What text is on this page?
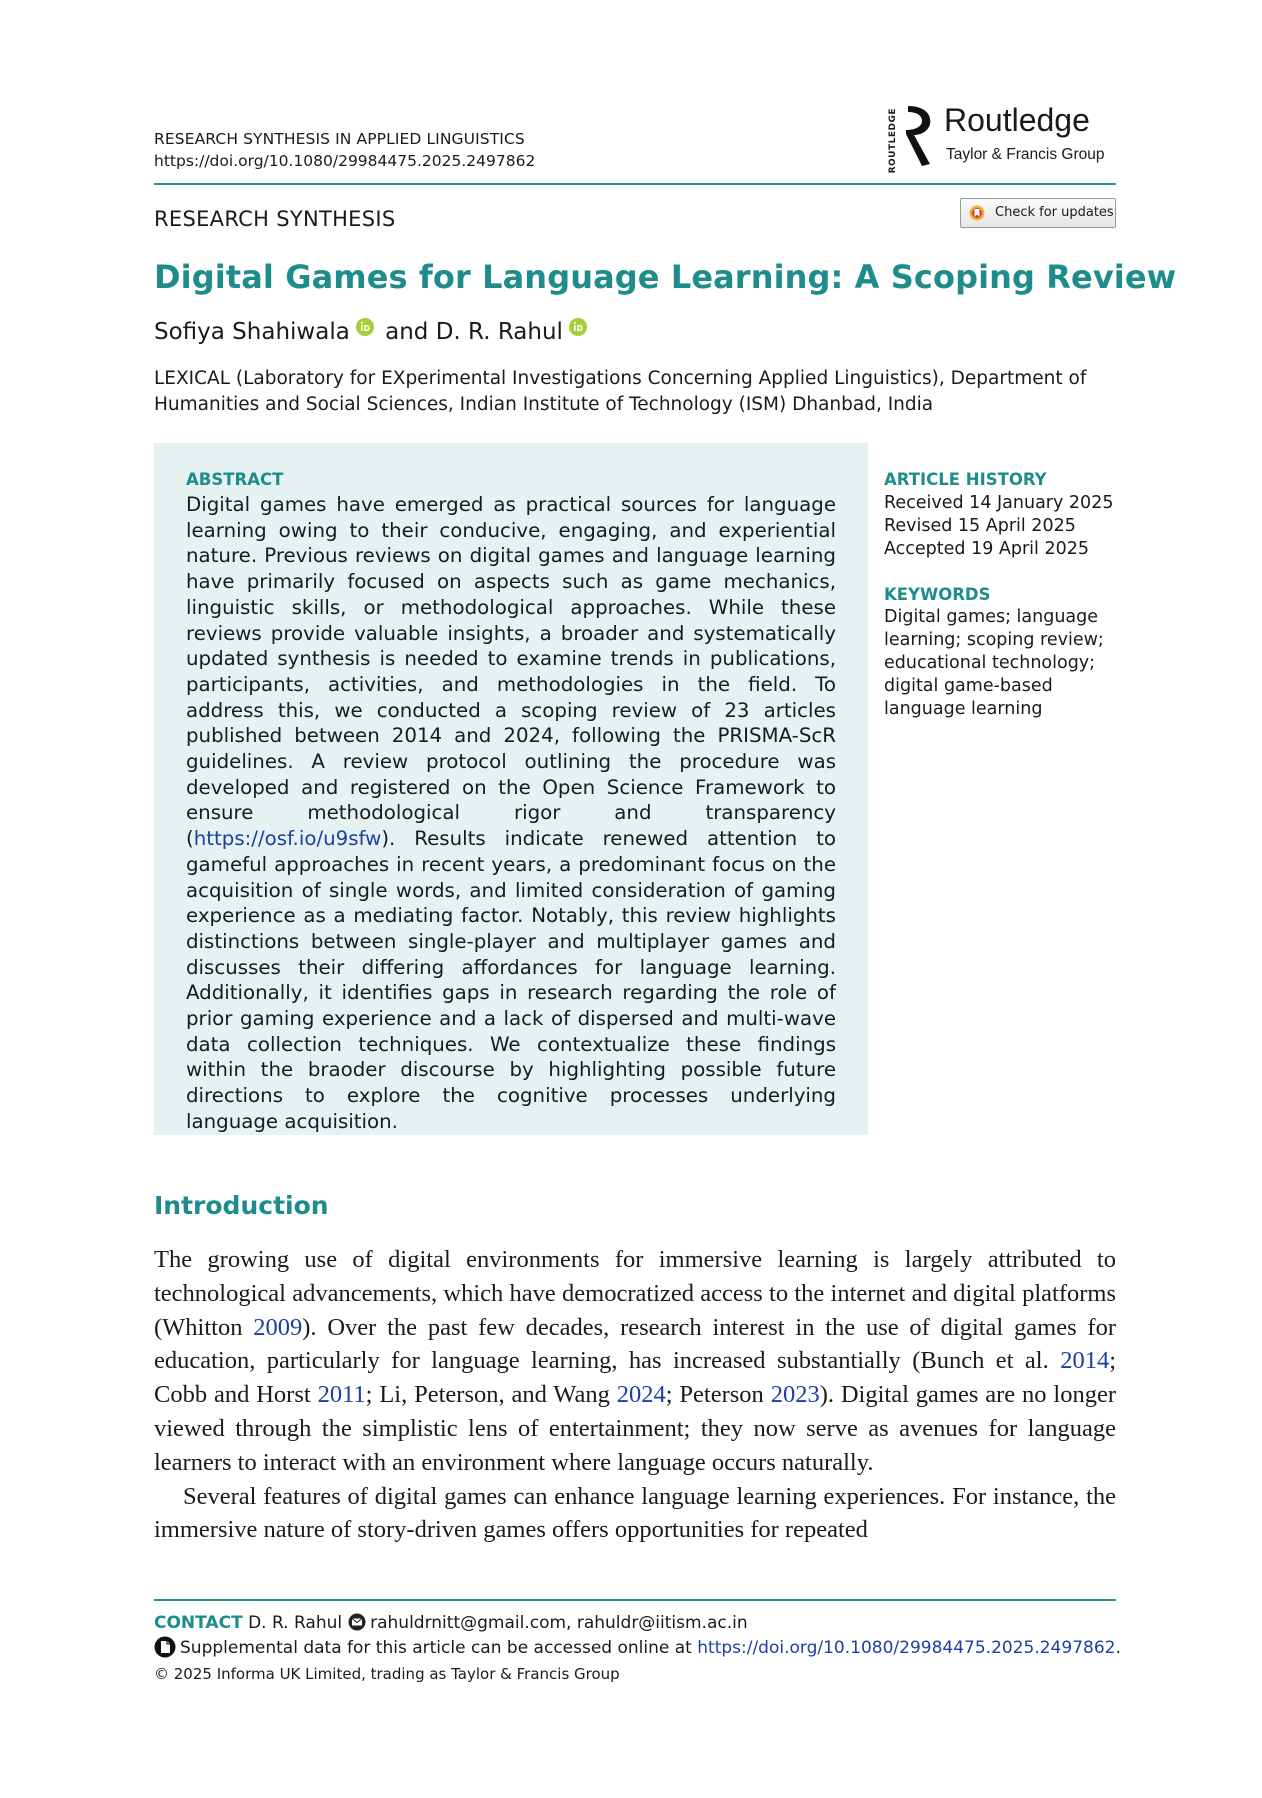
RESEARCH SYNTHESIS IN APPLIED LINGUISTICS
https://doi.org/10.1080/29984475.2025.2497862	ROUTLEDGE Routledge
Taylor & Francis Group
RESEARCH SYNTHESIS	Check for updates
Digital Games for Language Learning: A Scoping Review
Sofiya Shahiwala and D. R. Rahul
LEXICAL (Laboratory for EXperimental Investigations Concerning Applied Linguistics), Department of Humanities and Social Sciences, Indian Institute of Technology (ISM) Dhanbad, India
ABSTRACT
Digital games have emerged as practical sources for language learning owing to their conducive, engaging, and experiential nature. Previous reviews on digital games and language learning have primarily focused on aspects such as game mechanics, linguistic skills, or methodological approaches. While these reviews provide valuable insights, a broader and systematically updated synthesis is needed to examine trends in publications, participants, activities, and methodologies in the field. To address this, we conducted a scoping review of 23 articles published between 2014 and 2024, following the PRISMA-ScR guidelines. A review protocol outlining the procedure was developed and registered on the Open Science Framework to ensure methodological rigor and transparency (https://osf.io/u9sfw). Results indicate renewed attention to gameful approaches in recent years, a predominant focus on the acquisition of single words, and limited consideration of gaming experience as a mediating factor. Notably, this review highlights distinctions between single-player and multiplayer games and discusses their differing affordances for language learning. Additionally, it identifies gaps in research regarding the role of prior gaming experience and a lack of dispersed and multi-wave data collection techniques. We contextualize these findings within the braoder discourse by highlighting possible future directions to explore the cognitive processes underlying language acquisition.
ARTICLE HISTORY
Received 14 January 2025
Revised 15 April 2025
Accepted 19 April 2025
KEYWORDS
Digital games; language learning; scoping review; educational technology; digital game-based language learning
Introduction

The growing use of digital environments for immersive learning is largely attributed to technological advancements, which have democratized access to the internet and digital platforms (Whitton 2009). Over the past few decades, research interest in the use of digital games for education, particularly for language learning, has increased substantially (Bunch et al. 2014; Cobb and Horst 2011; Li, Peterson, and Wang 2024; Peterson 2023). Digital games are no longer viewed through the simplistic lens of entertainment; they now serve as avenues for language learners to interact with an environment where language occurs naturally.

Several features of digital games can enhance language learning experiences. For instance, the immersive nature of story-driven games offers opportunities for repeated

CONTACT D. R. Rahul rahuldrnitt@gmail.com, rahuldr@iitism.ac.in
Supplemental data for this article can be accessed online at https://doi.org/10.1080/29984475.2025.2497862.
© 2025 Informa UK Limited, trading as Taylor & Francis Group
